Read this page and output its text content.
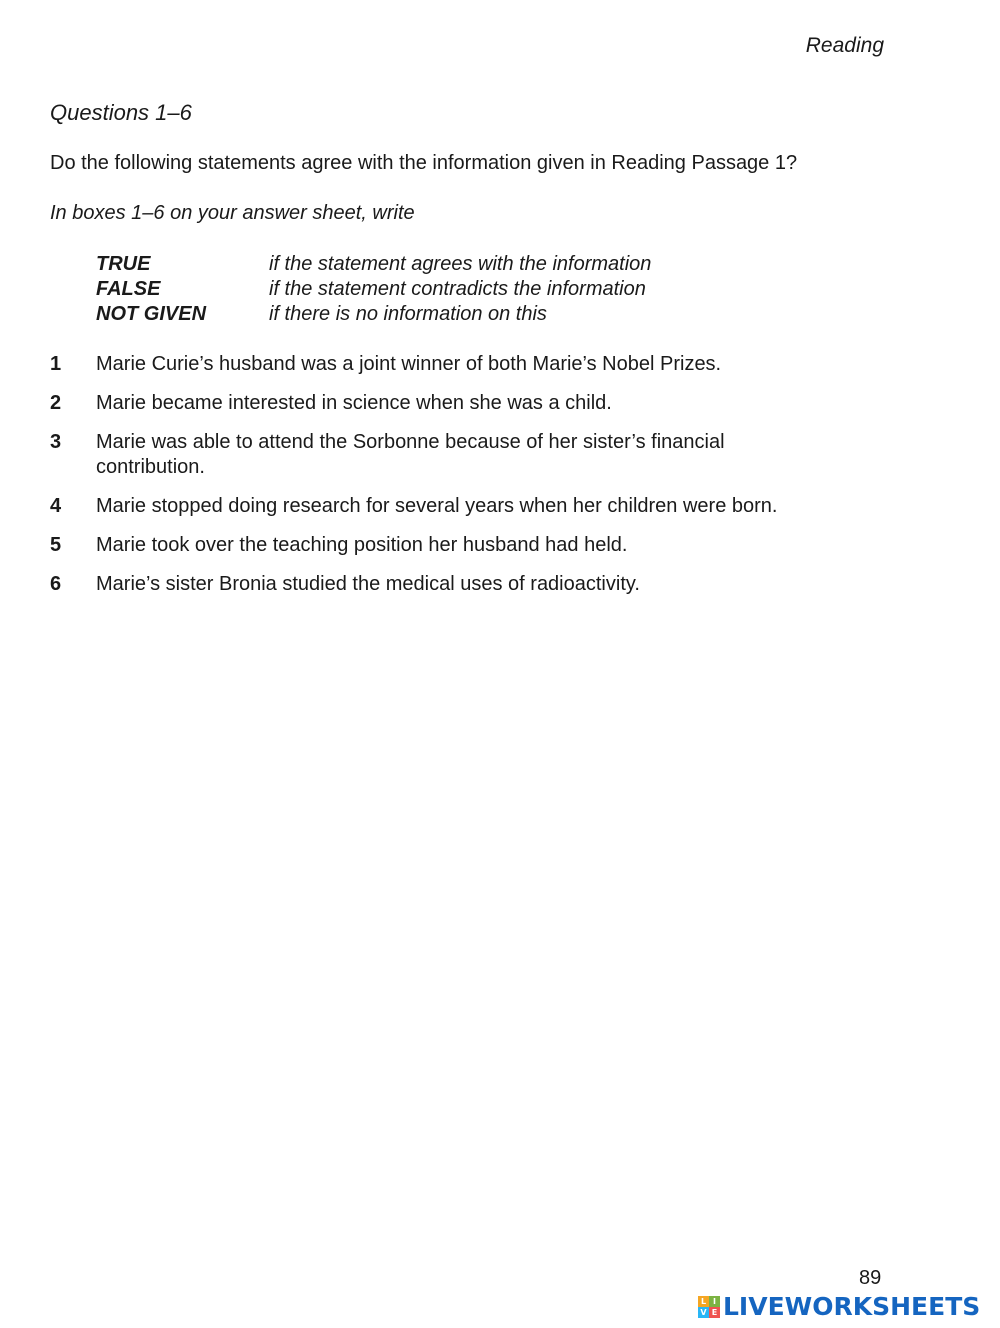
Reading
Questions 1–6
Do the following statements agree with the information given in Reading Passage 1?
In boxes 1–6 on your answer sheet, write
TRUE	if the statement agrees with the information
FALSE	if the statement contradicts the information
NOT GIVEN	if there is no information on this
1 Marie Curie’s husband was a joint winner of both Marie’s Nobel Prizes.
2 Marie became interested in science when she was a child.
3 Marie was able to attend the Sorbonne because of her sister’s financial contribution.
4 Marie stopped doing research for several years when her children were born.
5 Marie took over the teaching position her husband had held.
6 Marie’s sister Bronia studied the medical uses of radioactivity.
89
L I
V E LIVEWORKSHEETS
